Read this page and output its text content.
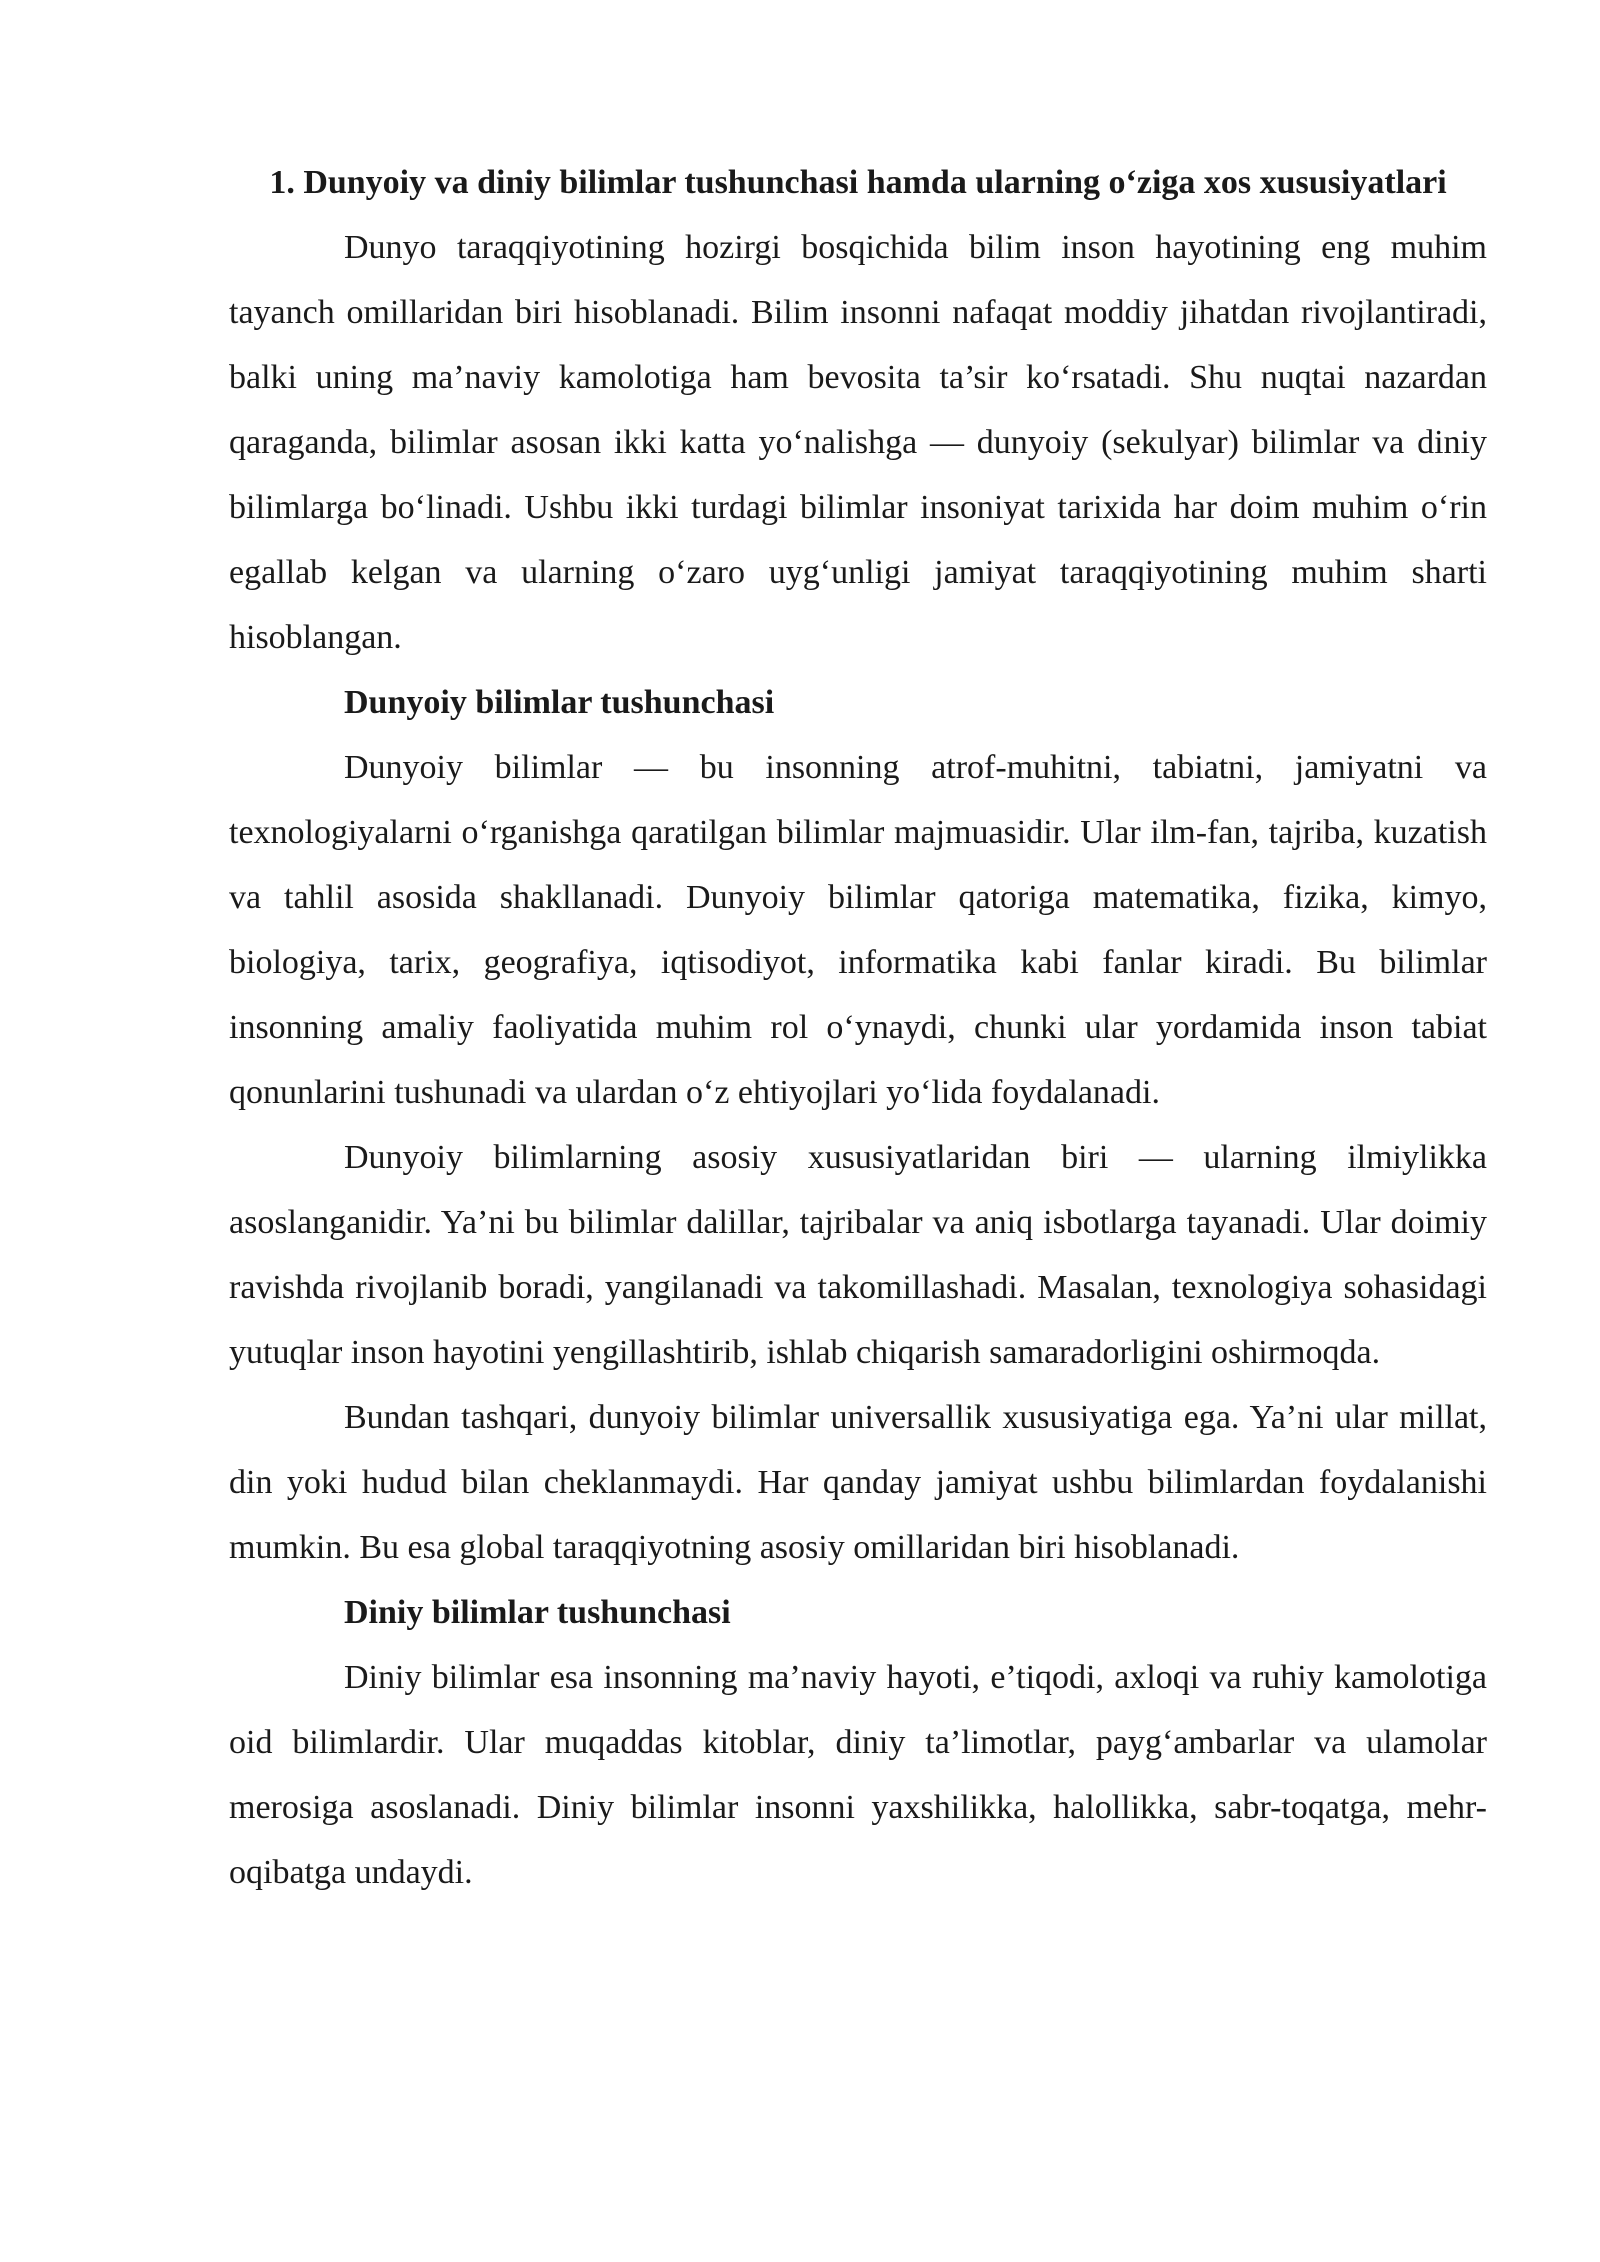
1. Dunyoiy va diniy bilimlar tushunchasi hamda ularning o‘ziga xos xususiyatlari

Dunyo taraqqiyotining hozirgi bosqichida bilim inson hayotining eng muhim tayanch omillaridan biri hisoblanadi. Bilim insonni nafaqat moddiy jihatdan rivojlantiradi, balki uning ma’naviy kamolotiga ham bevosita ta’sir ko‘rsatadi. Shu nuqtai nazardan qaraganda, bilimlar asosan ikki katta yo‘nalishga — dunyoiy (sekulyar) bilimlar va diniy bilimlarga bo‘linadi. Ushbu ikki turdagi bilimlar insoniyat tarixida har doim muhim o‘rin egallab kelgan va ularning o‘zaro uyg‘unligi jamiyat taraqqiyotining muhim sharti hisoblangan.

Dunyoiy bilimlar tushunchasi

Dunyoiy bilimlar — bu insonning atrof-muhitni, tabiatni, jamiyatni va texnologiyalarni o‘rganishga qaratilgan bilimlar majmuasidir. Ular ilm-fan, tajriba, kuzatish va tahlil asosida shakllanadi. Dunyoiy bilimlar qatoriga matematika, fizika, kimyo, biologiya, tarix, geografiya, iqtisodiyot, informatika kabi fanlar kiradi. Bu bilimlar insonning amaliy faoliyatida muhim rol o‘ynaydi, chunki ular yordamida inson tabiat qonunlarini tushunadi va ulardan o‘z ehtiyojlari yo‘lida foydalanadi.

Dunyoiy bilimlarning asosiy xususiyatlaridan biri — ularning ilmiylikka asoslanganidir. Ya’ni bu bilimlar dalillar, tajribalar va aniq isbotlarga tayanadi. Ular doimiy ravishda rivojlanib boradi, yangilanadi va takomillashadi. Masalan, texnologiya sohasidagi yutuqlar inson hayotini yengillashtirib, ishlab chiqarish samaradorligini oshirmoqda.

Bundan tashqari, dunyoiy bilimlar universallik xususiyatiga ega. Ya’ni ular millat, din yoki hudud bilan cheklanmaydi. Har qanday jamiyat ushbu bilimlardan foydalanishi mumkin. Bu esa global taraqqiyotning asosiy omillaridan biri hisoblanadi.

Diniy bilimlar tushunchasi

Diniy bilimlar esa insonning ma’naviy hayoti, e’tiqodi, axloqi va ruhiy kamolotiga oid bilimlardir. Ular muqaddas kitoblar, diniy ta’limotlar, payg‘ambarlar va ulamolar merosiga asoslanadi. Diniy bilimlar insonni yaxshilikka, halollikka, sabr-toqatga, mehr-oqibatga undaydi.
